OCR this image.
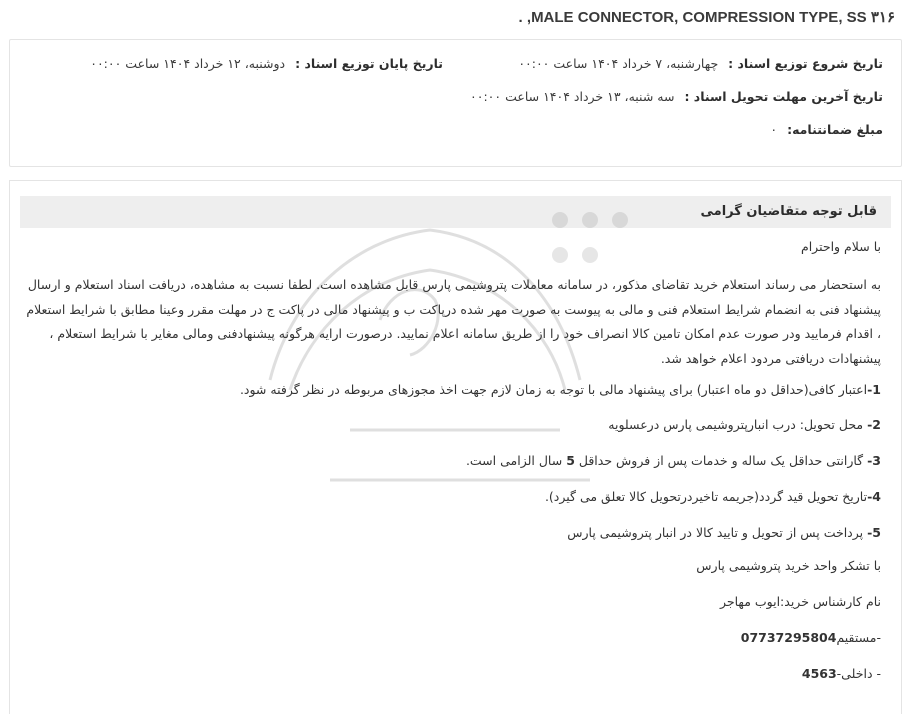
MALE CONNECTOR, COMPRESSION TYPE, SS ۳۱۶, .
تاریخ شروع توزیع اسناد : چهارشنبه، ۷ خرداد ۱۴۰۴ ساعت ۰۰:۰۰
تاریخ پایان توزیع اسناد : دوشنبه، ۱۲ خرداد ۱۴۰۴ ساعت ۰۰:۰۰
تاریخ آخرین مهلت تحویل اسناد : سه شنبه، ۱۳ خرداد ۱۴۰۴ ساعت ۰۰:۰۰
مبلغ ضمانتنامه: ۰
قابل توجه متقاضیان گرامی
با سلام واحترام
به استحضار می رساند استعلام خرید تقاضای مذکور، در سامانه معاملات پتروشیمی پارس قابل مشاهده است. لطفا نسبت به مشاهده، دریافت اسناد استعلام و ارسال پیشنهاد فنی به انضمام شرایط استعلام فنی و مالی به پیوست به صورت مهر شده درپاکت ب و پیشنهاد مالی در پاکت ج در مهلت مقرر وعینا مطابق با شرایط استعلام ، اقدام فرمایید ودر صورت عدم امکان تامین کالا انصراف خود را از طریق سامانه اعلام نمایید. درصورت ارایه هرگونه پیشنهادفنی ومالی مغایر با شرایط استعلام ، پیشنهادات دریافتی مردود اعلام خواهد شد.
1-اعتبار کافی(حداقل دو ماه اعتبار) برای پیشنهاد مالی با توجه به زمان لازم جهت اخذ مجوزهای مربوطه در نظر گرفته شود.
2- محل تحویل: درب انبارپتروشیمی پارس درعسلویه
3- گارانتی حداقل یک ساله و خدمات پس از فروش حداقل 5 سال الزامی است.
4-تاریخ تحویل قید گردد(جریمه تاخیردرتحویل کالا تعلق می گیرد).
5- پرداخت پس از تحویل و تایید کالا در انبار پتروشیمی پارس
با تشکر واحد خرید پتروشیمی پارس
نام کارشناس خرید:ایوب مهاجر
-مستقیم07737295804
- داخلی-4563
